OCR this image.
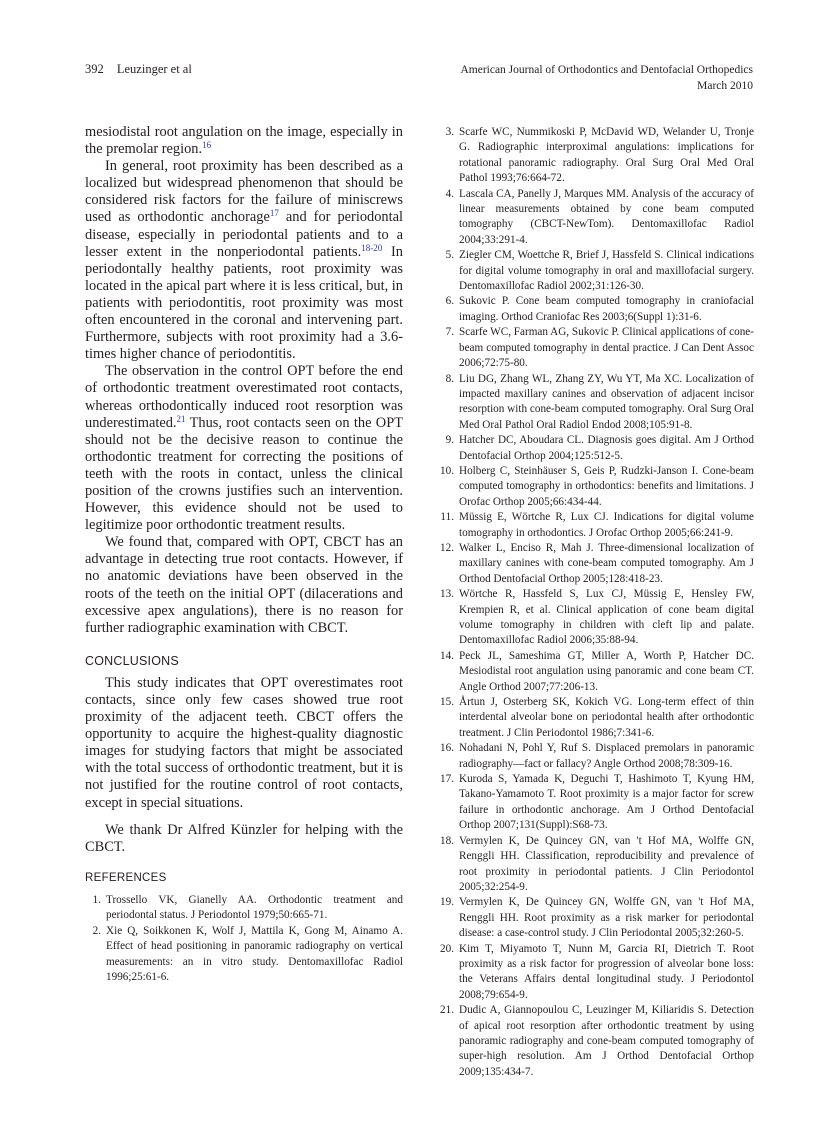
392 Leuzinger et al	American Journal of Orthodontics and Dentofacial Orthopedics
March 2010

mesiodistal root angulation on the image, especially in the premolar region.$^{16}$

In general, root proximity has been described as a localized but widespread phenomenon that should be considered risk factors for the failure of miniscrews used as orthodontic anchorage$^{17}$ and for periodontal disease, especially in periodontal patients and to a lesser extent in the nonperiodontal patients.$^{18-20}$ In periodontally healthy patients, root proximity was located in the apical part where it is less critical, but, in patients with periodontitis, root proximity was most often encountered in the coronal and intervening part. Furthermore, subjects with root proximity had a 3.6-times higher chance of periodontitis.

The observation in the control OPT before the end of orthodontic treatment overestimated root contacts, whereas orthodontically induced root resorption was underestimated.$^{21}$ Thus, root contacts seen on the OPT should not be the decisive reason to continue the orthodontic treatment for correcting the positions of teeth with the roots in contact, unless the clinical position of the crowns justifies such an intervention. However, this evidence should not be used to legitimize poor orthodontic treatment results.

We found that, compared with OPT, CBCT has an advantage in detecting true root contacts. However, if no anatomic deviations have been observed in the roots of the teeth on the initial OPT (dilacerations and excessive apex angulations), there is no reason for further radiographic examination with CBCT.

CONCLUSIONS

This study indicates that OPT overestimates root contacts, since only few cases showed true root proximity of the adjacent teeth. CBCT offers the opportunity to acquire the highest-quality diagnostic images for studying factors that might be associated with the total success of orthodontic treatment, but it is not justified for the routine control of root contacts, except in special situations.

We thank Dr Alfred Künzler for helping with the CBCT.

REFERENCES
1. Trossello VK, Gianelly AA. Orthodontic treatment and periodontal status. J Periodontol 1979;50:665-71.
2. Xie Q, Soikkonen K, Wolf J, Mattila K, Gong M, Ainamo A. Effect of head positioning in panoramic radiography on vertical measurements: an in vitro study. Dentomaxillofac Radiol 1996;25:61-6.
3. Scarfe WC, Nummikoski P, McDavid WD, Welander U, Tronje G. Radiographic interproximal angulations: implications for rotational panoramic radiography. Oral Surg Oral Med Oral Pathol 1993;76:664-72.
4. Lascala CA, Panelly J, Marques MM. Analysis of the accuracy of linear measurements obtained by cone beam computed tomography (CBCT-NewTom). Dentomaxillofac Radiol 2004;33:291-4.
5. Ziegler CM, Woettche R, Brief J, Hassfeld S. Clinical indications for digital volume tomography in oral and maxillofacial surgery. Dentomaxillofac Radiol 2002;31:126-30.
6. Sukovic P. Cone beam computed tomography in craniofacial imaging. Orthod Craniofac Res 2003;6(Suppl 1):31-6.
7. Scarfe WC, Farman AG, Sukovic P. Clinical applications of cone-beam computed tomography in dental practice. J Can Dent Assoc 2006;72:75-80.
8. Liu DG, Zhang WL, Zhang ZY, Wu YT, Ma XC. Localization of impacted maxillary canines and observation of adjacent incisor resorption with cone-beam computed tomography. Oral Surg Oral Med Oral Pathol Oral Radiol Endod 2008;105:91-8.
9. Hatcher DC, Aboudara CL. Diagnosis goes digital. Am J Orthod Dentofacial Orthop 2004;125:512-5.
10. Holberg C, Steinhäuser S, Geis P, Rudzki-Janson I. Cone-beam computed tomography in orthodontics: benefits and limitations. J Orofac Orthop 2005;66:434-44.
11. Müssig E, Wörtche R, Lux CJ. Indications for digital volume tomography in orthodontics. J Orofac Orthop 2005;66:241-9.
12. Walker L, Enciso R, Mah J. Three-dimensional localization of maxillary canines with cone-beam computed tomography. Am J Orthod Dentofacial Orthop 2005;128:418-23.
13. Wörtche R, Hassfeld S, Lux CJ, Müssig E, Hensley FW, Krempien R, et al. Clinical application of cone beam digital volume tomography in children with cleft lip and palate. Dentomaxillofac Radiol 2006;35:88-94.
14. Peck JL, Sameshima GT, Miller A, Worth P, Hatcher DC. Mesiodistal root angulation using panoramic and cone beam CT. Angle Orthod 2007;77:206-13.
15. Årtun J, Osterberg SK, Kokich VG. Long-term effect of thin interdental alveolar bone on periodontal health after orthodontic treatment. J Clin Periodontol 1986;7:341-6.
16. Nohadani N, Pohl Y, Ruf S. Displaced premolars in panoramic radiography—fact or fallacy? Angle Orthod 2008;78:309-16.
17. Kuroda S, Yamada K, Deguchi T, Hashimoto T, Kyung HM, Takano-Yamamoto T. Root proximity is a major factor for screw failure in orthodontic anchorage. Am J Orthod Dentofacial Orthop 2007;131(Suppl):S68-73.
18. Vermylen K, De Quincey GN, van 't Hof MA, Wolffe GN, Renggli HH. Classification, reproducibility and prevalence of root proximity in periodontal patients. J Clin Periodontol 2005;32:254-9.
19. Vermylen K, De Quincey GN, Wolffe GN, van 't Hof MA, Renggli HH. Root proximity as a risk marker for periodontal disease: a case-control study. J Clin Periodontal 2005;32:260-5.
20. Kim T, Miyamoto T, Nunn M, Garcia RI, Dietrich T. Root proximity as a risk factor for progression of alveolar bone loss: the Veterans Affairs dental longitudinal study. J Periodontol 2008;79:654-9.
21. Dudic A, Giannopoulou C, Leuzinger M, Kiliaridis S. Detection of apical root resorption after orthodontic treatment by using panoramic radiography and cone-beam computed tomography of super-high resolution. Am J Orthod Dentofacial Orthop 2009;135:434-7.
